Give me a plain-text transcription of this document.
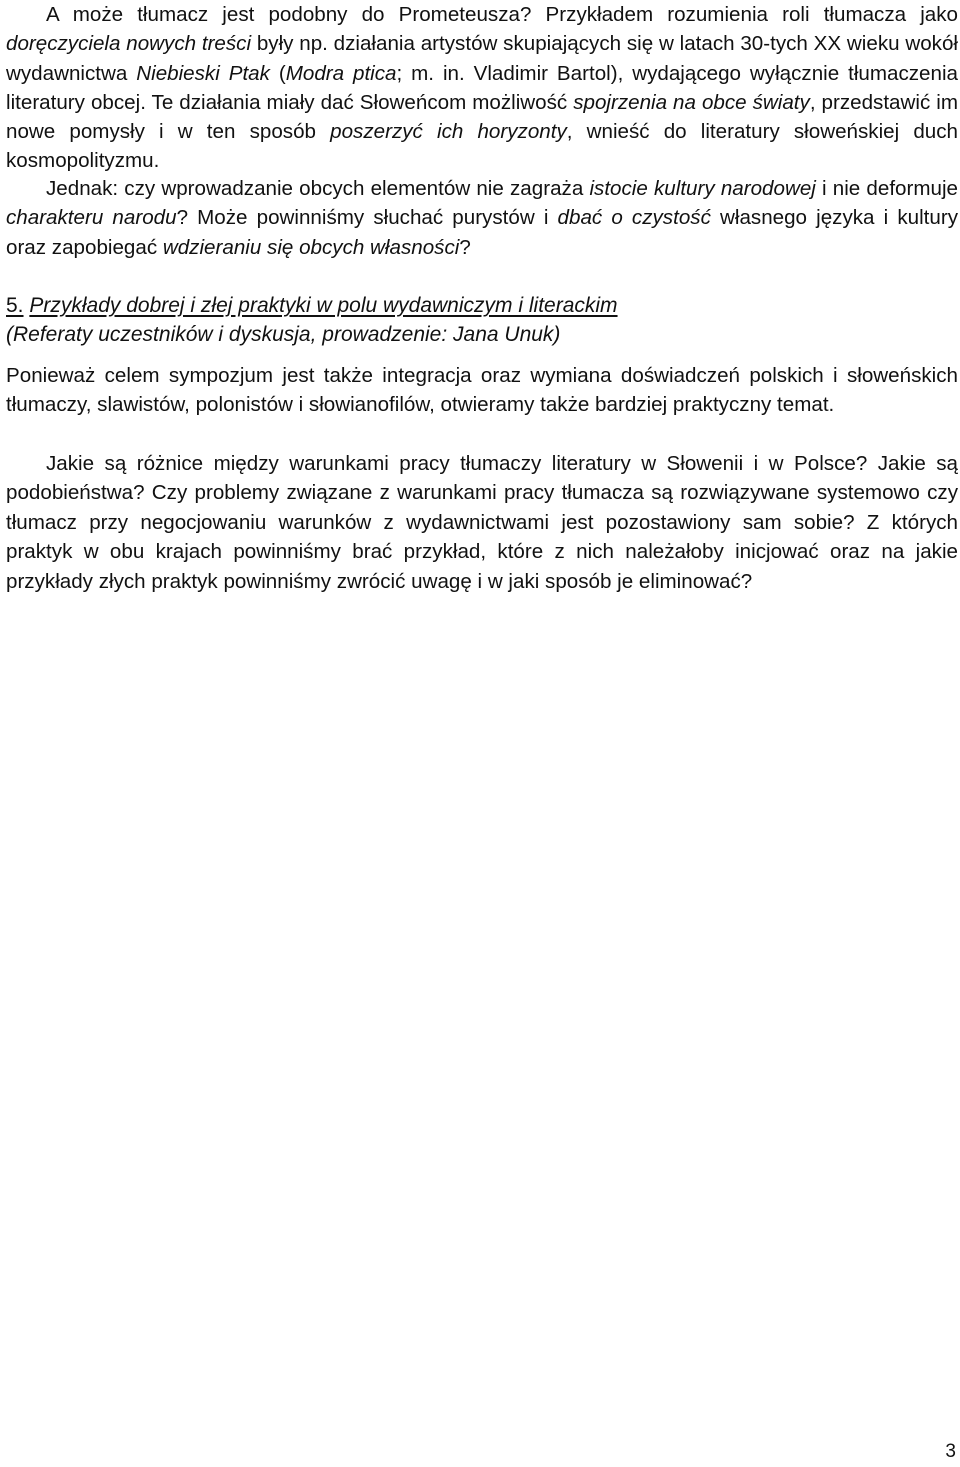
A może tłumacz jest podobny do Prometeusza? Przykładem rozumienia roli tłumacza jako doręczyciela nowych treści były np. działania artystów skupiających się w latach 30-tych XX wieku wokół wydawnictwa Niebieski Ptak (Modra ptica; m. in. Vladimir Bartol), wydającego wyłącznie tłumaczenia literatury obcej. Te działania miały dać Słoweńcom możliwość spojrzenia na obce światy, przedstawić im nowe pomysły i w ten sposób poszerzyć ich horyzonty, wnieść do literatury słoweńskiej duch kosmopolityzmu.

Jednak: czy wprowadzanie obcych elementów nie zagraża istocie kultury narodowej i nie deformuje charakteru narodu? Może powinniśmy słuchać purystów i dbać o czystość własnego języka i kultury oraz zapobiegać wdzieraniu się obcych własności?

5. Przykłady dobrej i złej praktyki w polu wydawniczym i literackim

(Referaty uczestników i dyskusja, prowadzenie: Jana Unuk)

Ponieważ celem sympozjum jest także integracja oraz wymiana doświadczeń polskich i słoweńskich tłumaczy, slawistów, polonistów i słowianofilów, otwieramy także bardziej praktyczny temat.

Jakie są różnice między warunkami pracy tłumaczy literatury w Słowenii i w Polsce? Jakie są podobieństwa? Czy problemy związane z warunkami pracy tłumacza są rozwiązywane systemowo czy tłumacz przy negocjowaniu warunków z wydawnictwami jest pozostawiony sam sobie? Z których praktyk w obu krajach powinniśmy brać przykład, które z nich należałoby inicjować oraz na jakie przykłady złych praktyk powinniśmy zwrócić uwagę i w jaki sposób je eliminować?

3
